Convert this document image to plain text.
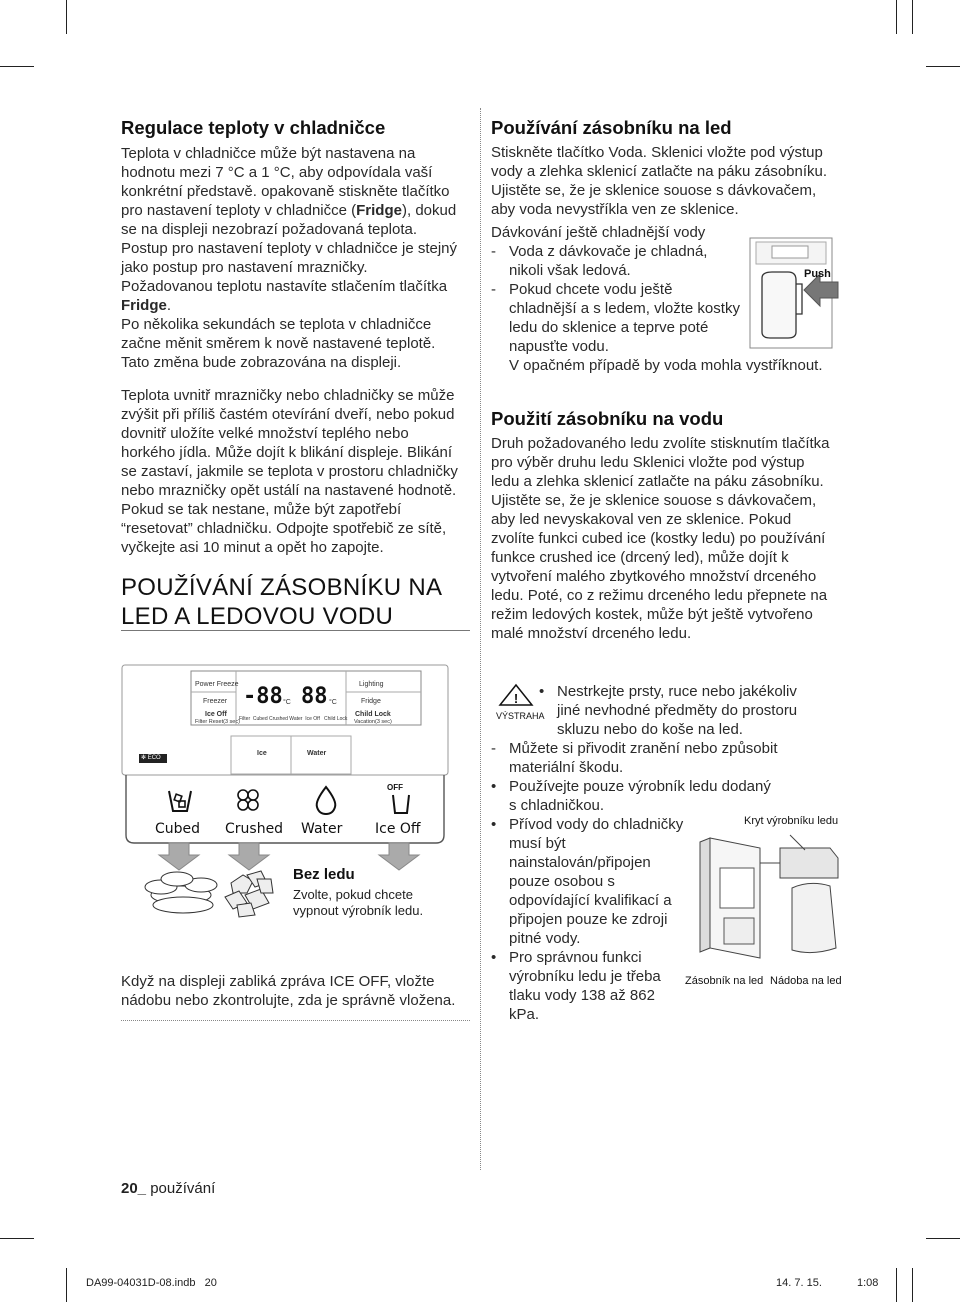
Regulace teploty v chladničce

Teplota v chladničce může být nastavena na hodnotu mezi 7 °C a 1 °C, aby odpovídala vaší konkrétní představě. opakovaně stiskněte tlačítko pro nastavení teploty v chladničce (Fridge), dokud se na displeji nezobrazí požadovaná teplota.

Postup pro nastavení teploty v chladničce je stejný jako postup pro nastavení mrazničky.

Požadovanou teplotu nastavíte stlačením tlačítka Fridge.

Po několika sekundách se teplota v chladničce začne měnit směrem k nově nastavené teplotě. Tato změna bude zobrazována na displeji.

Teplota uvnitř mrazničky nebo chladničky se může zvýšit při příliš častém otevírání dveří, nebo pokud dovnitř uložíte velké množství teplého nebo horkého jídla. Může dojít k blikání displeje. Blikání se zastaví, jakmile se teplota v prostoru chladničky nebo mrazničky opět ustálí na nastavené hodnotě. Pokud se tak nestane, může být zapotřebí “resetovat” chladničku. Odpojte spotřebič ze sítě, vyčkejte asi 10 minut a opět ho zapojte.

POUŽÍVÁNÍ ZÁSOBNÍKU NA
LED A LEDOVOU VODU
Power Freeze
Freezer
Ice Off
Filter Reset(3 sec)
Lighting
Fridge
Child Lock
Vacation(3 sec)
-88 °C 88 °C
Filter  Cubed Crushed Water  Ice Off   Child Lock
Ice	Water
✻ ECO
OFF
Cubed Crushed Water Ice Off
Bez ledu
Zvolte, pokud chcete vypnout výrobník ledu.
Když na displeji zabliká zpráva ICE OFF, vložte nádobu nebo zkontrolujte, zda je správně vložena.
Používání zásobníku na led

Stiskněte tlačítko Voda. Sklenici vložte pod výstup vody a zlehka sklenicí zatlačte na páku zásobníku. Ujistěte se, že je sklenice souose s dávkovačem, aby voda nevystříkla ven ze sklenice.

Dávkování ještě chladnější vody
- Voda z dávkovače je chladná, nikoli však ledová.
- Pokud chcete vodu ještě chladnější a s ledem, vložte kostky ledu do sklenice a teprve poté napusťte vodu.
V opačném případě by voda mohla vystříknout.
Push
Použití zásobníku na vodu

Druh požadovaného ledu zvolíte stisknutím tlačítka pro výběr druhu ledu Sklenici vložte pod výstup ledu a zlehka sklenicí zatlačte na páku zásobníku. Ujistěte se, že je sklenice souose s dávkovačem, aby led nevyskakoval ven ze sklenice. Pokud zvolíte funkci cubed ice (kostky ledu) po používání funkce crushed ice (drcený led), může dojít k vytvoření malého zbytkového množství drceného ledu. Poté, co z režimu drceného ledu přepnete na režim ledových kostek, může být ještě vytvořeno malé množství drceného ledu.

!
VÝSTRAHA
• Nestrkejte prsty, ruce nebo jakékoliv jiné nevhodné předměty do prostoru skluzu nebo do koše na led.
- Můžete si přivodit zranění nebo způsobit materiální škodu.
• Používejte pouze výrobník ledu dodaný s chladničkou.
• Přívod vody do chladničky musí být nainstalován/připojen pouze osobou s odpovídající kvalifikací a připojen pouze ke zdroji pitné vody.
• Pro správnou funkci výrobníku ledu je třeba tlaku vody 138 až 862 kPa.
Kryt výrobníku ledu
Zásobník na led Nádoba na led
20_ používání
DA99-04031D-08.indb   20	14. 7. 15.	1:08
